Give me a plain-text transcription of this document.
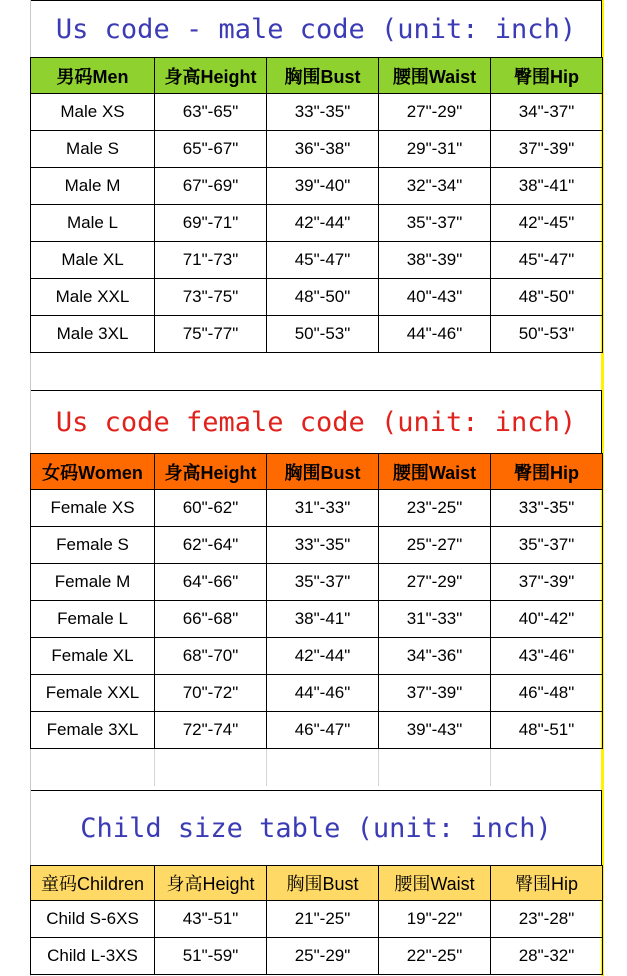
Us code - male code (unit: inch)
男码Men	身高Height	胸围Bust	腰围Waist	臀围Hip
Male XS	63"-65"	33"-35"	27"-29"	34"-37"
Male S	65"-67"	36"-38"	29"-31"	37"-39"
Male M	67"-69"	39"-40"	32"-34"	38"-41"
Male L	69"-71"	42"-44"	35"-37"	42"-45"
Male XL	71"-73"	45"-47"	38"-39"	45"-47"
Male XXL	73"-75"	48"-50"	40"-43"	48"-50"
Male 3XL	75"-77"	50"-53"	44"-46"	50"-53"

Us code female code (unit: inch)
女码Women	身高Height	胸围Bust	腰围Waist	臀围Hip
Female XS	60"-62"	31"-33"	23"-25"	33"-35"
Female S	62"-64"	33"-35"	25"-27"	35"-37"
Female M	64"-66"	35"-37"	27"-29"	37"-39"
Female L	66"-68"	38"-41"	31"-33"	40"-42"
Female XL	68"-70"	42"-44"	34"-36"	43"-46"
Female XXL	70"-72"	44"-46"	37"-39"	46"-48"
Female 3XL	72"-74"	46"-47"	39"-43"	48"-51"

Child size table (unit: inch)
童码Children	身高Height	胸围Bust	腰围Waist	臀围Hip
Child S-6XS	43"-51"	21"-25"	19"-22"	23"-28"
Child L-3XS	51"-59"	25"-29"	22"-25"	28"-32"
